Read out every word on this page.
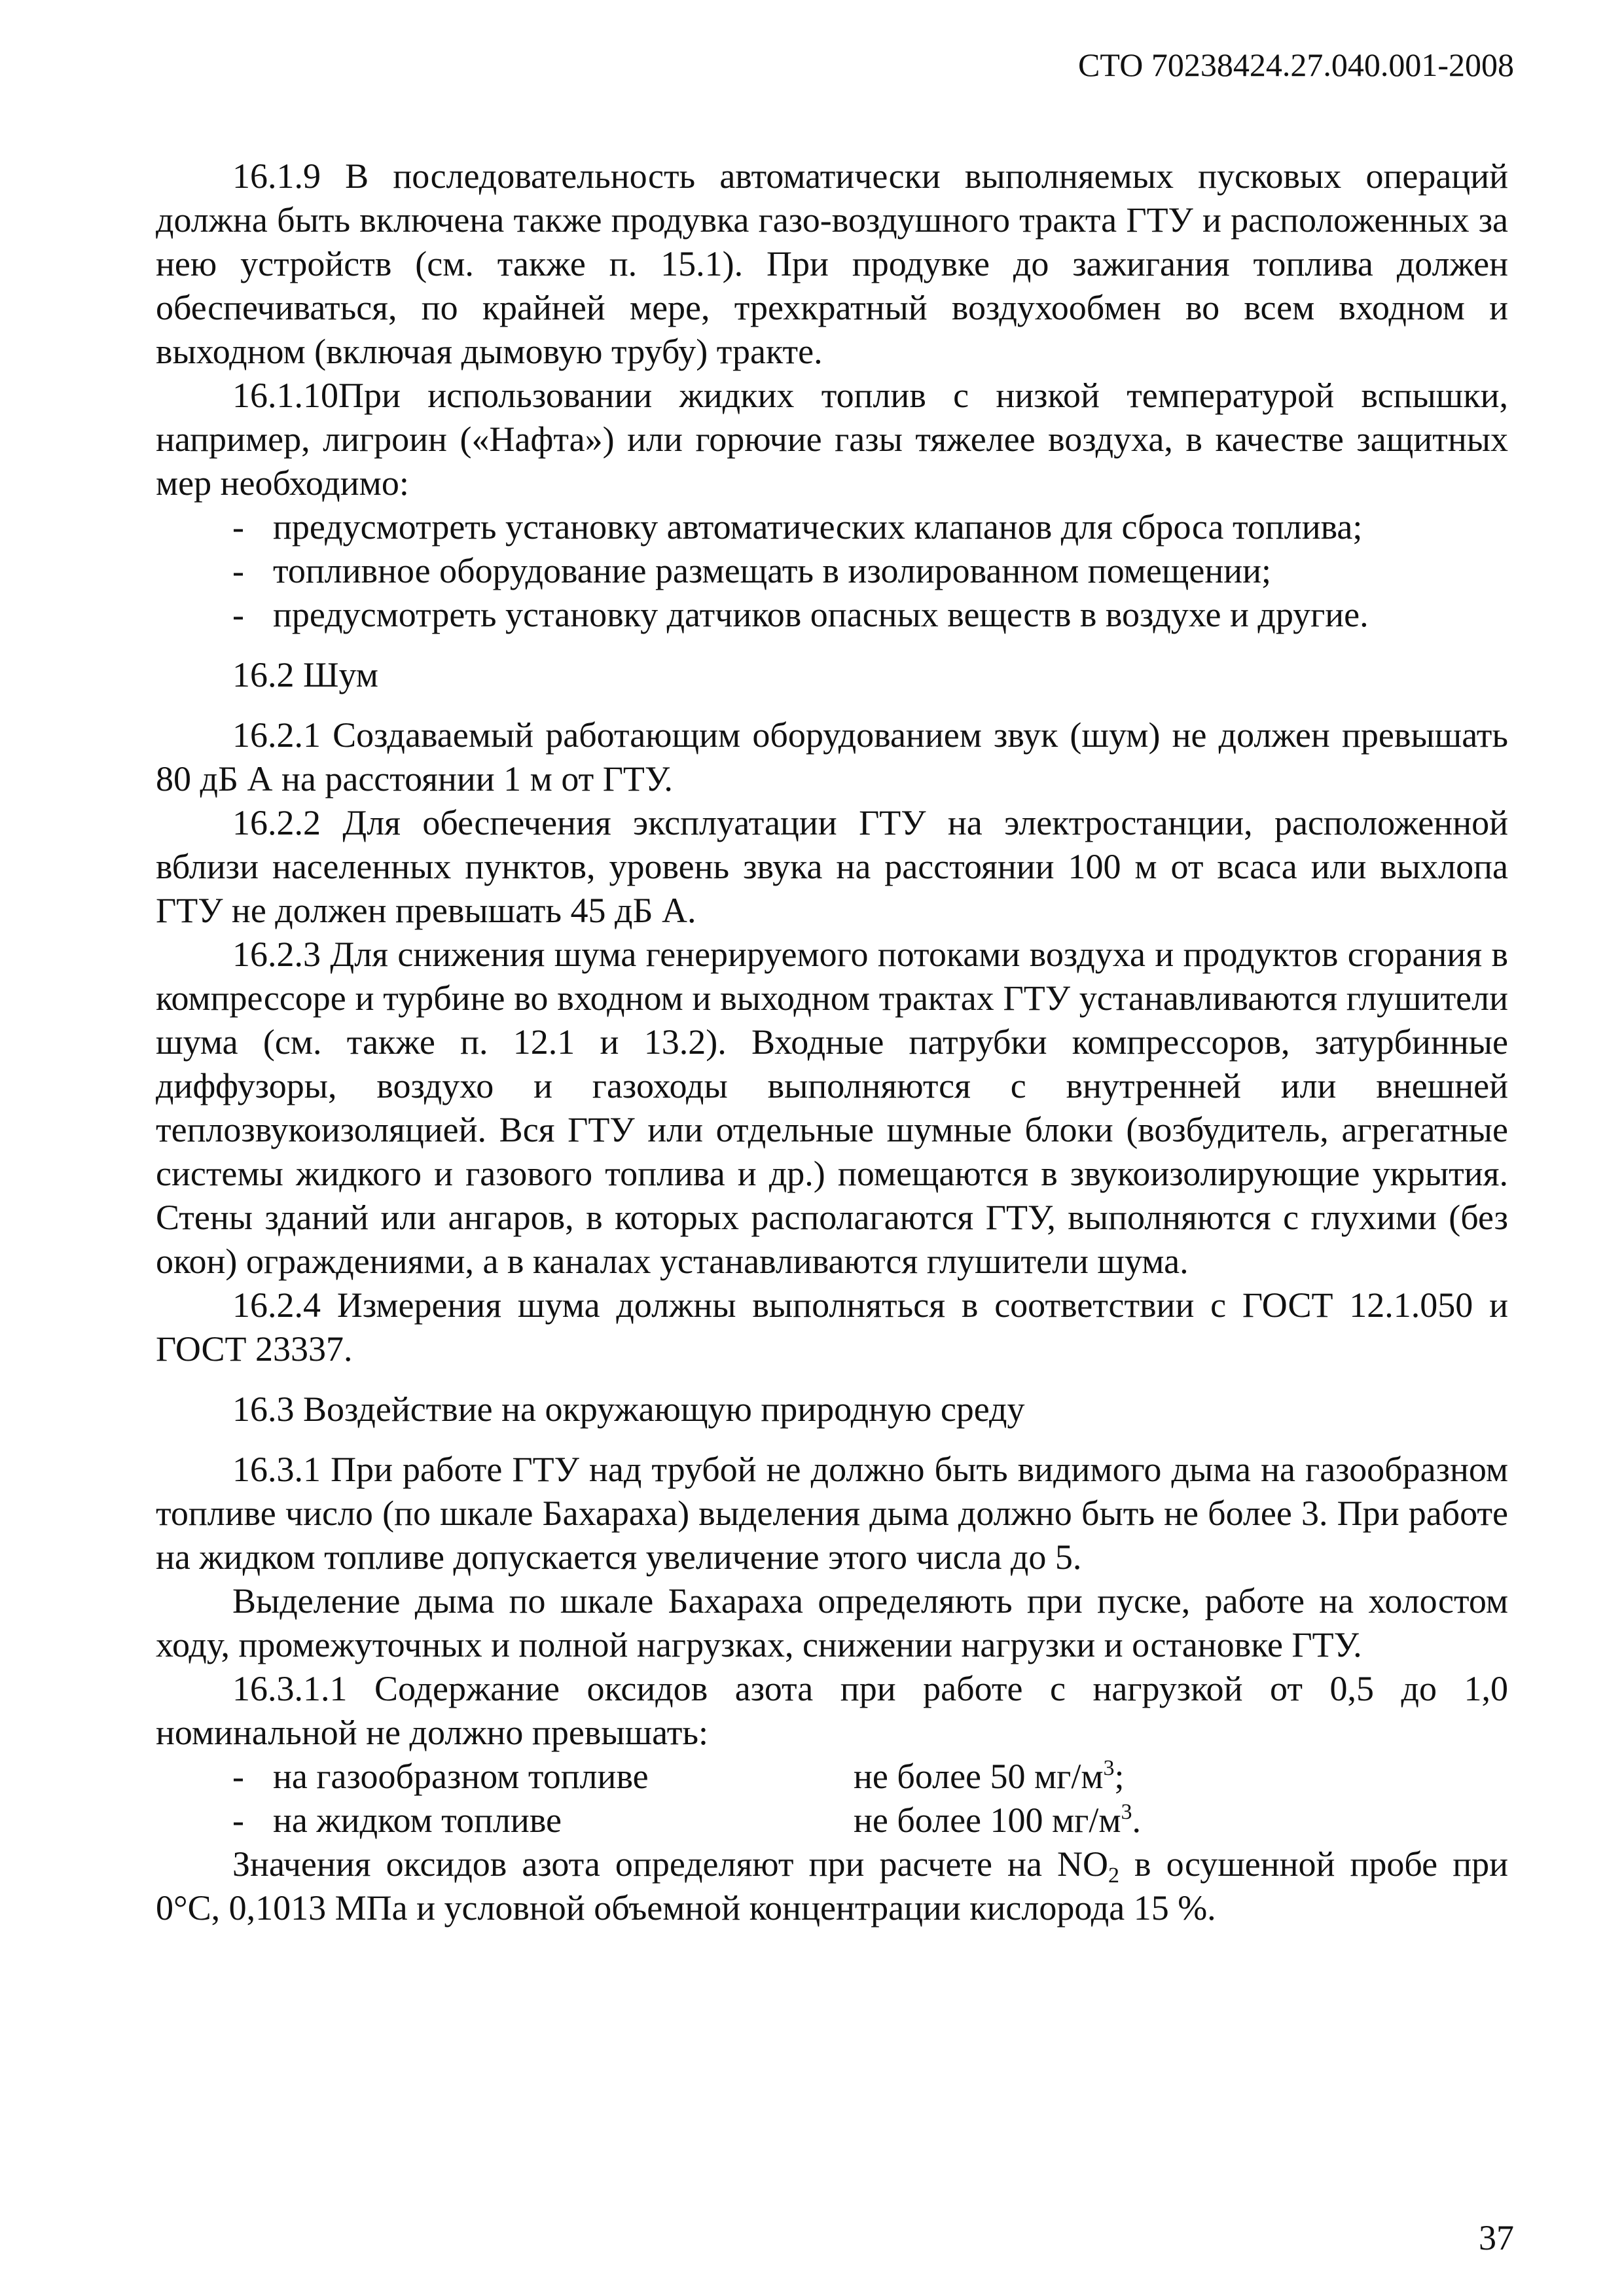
СТО 70238424.27.040.001-2008

16.1.9 В последовательность автоматически выполняемых пусковых операций должна быть включена также продувка газо-воздушного тракта ГТУ и расположенных за нею устройств (см. также п. 15.1). При продувке до зажигания топлива должен обеспечиваться, по крайней мере, трехкратный воздухообмен во всем входном и выходном (включая дымовую трубу) тракте.

16.1.10При использовании жидких топлив с низкой температурой вспышки, например, лигроин («Нафта») или горючие газы тяжелее воздуха, в качестве защитных мер необходимо:

- предусмотреть установку автоматических клапанов для сброса топлива;
- топливное оборудование размещать в изолированном помещении;
- предусмотреть установку датчиков опасных веществ в воздухе и другие.

16.2 Шум

16.2.1 Создаваемый работающим оборудованием звук (шум) не должен превышать 80 дБ А на расстоянии 1 м от ГТУ.

16.2.2 Для обеспечения эксплуатации ГТУ на электростанции, расположенной вблизи населенных пунктов, уровень звука на расстоянии 100 м от всаса или выхлопа ГТУ не должен превышать 45 дБ А.

16.2.3 Для снижения шума генерируемого потоками воздуха и продуктов сгорания в компрессоре и турбине во входном и выходном трактах ГТУ устанавливаются глушители шума (см. также п. 12.1 и 13.2). Входные патрубки компрессоров, затурбинные диффузоры, воздухо и газоходы выполняются с внутренней или внешней теплозвукоизоляцией. Вся ГТУ или отдельные шумные блоки (возбудитель, агрегатные системы жидкого и газового топлива и др.) помещаются в звукоизолирующие укрытия. Стены зданий или ангаров, в которых располагаются ГТУ, выполняются с глухими (без окон) ограждениями, а в каналах устанавливаются глушители шума.

16.2.4 Измерения шума должны выполняться в соответствии с ГОСТ 12.1.050 и ГОСТ 23337.

16.3 Воздействие на окружающую природную среду

16.3.1 При работе ГТУ над трубой не должно быть видимого дыма на газообразном топливе число (по шкале Бахараха) выделения дыма должно быть не более 3. При работе на жидком топливе допускается увеличение этого числа до 5.

Выделение дыма по шкале Бахараха определяють при пуске, работе на холостом ходу, промежуточных и полной нагрузках, снижении нагрузки и остановке ГТУ.

16.3.1.1 Содержание оксидов азота при работе с нагрузкой от 0,5 до 1,0 номинальной не должно превышать:

- на газообразном топливе	не более 50 $мг/м^3$;
- на жидком топливе	не более 100 $мг/м^3$.

Значения оксидов азота определяют при расчете на $NO_2$ в осушенной пробе при 0°С, 0,1013 МПа и условной объемной концентрации кислорода 15 %.

37
